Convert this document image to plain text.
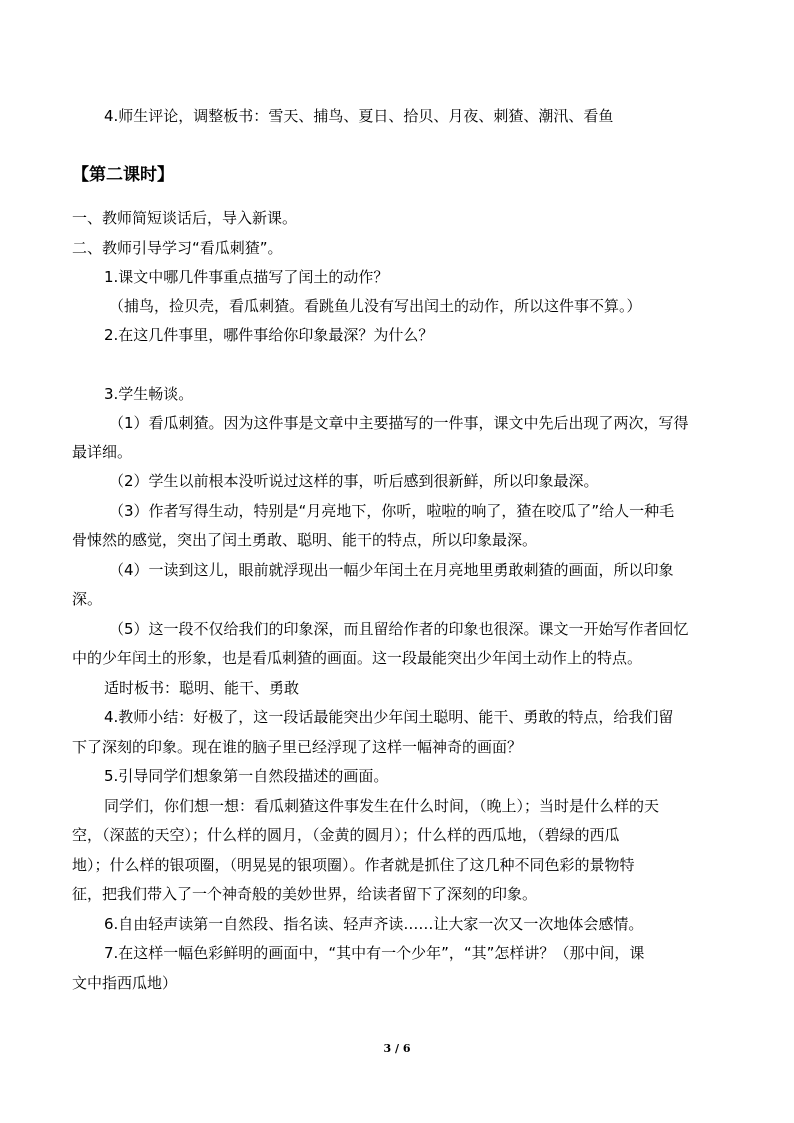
4.师生评论，调整板书：雪天、捕鸟、夏日、拾贝、月夜、刺猹、潮汛、看鱼
【第二课时】
一、教师简短谈话后，导入新课。
二、教师引导学习“看瓜刺猹”。
1.课文中哪几件事重点描写了闰土的动作？
（捕鸟，捡贝壳，看瓜刺猹。看跳鱼儿没有写出闰土的动作，所以这件事不算。）
2.在这几件事里，哪件事给你印象最深？为什么？
3.学生畅谈。
（1）看瓜刺猹。因为这件事是文章中主要描写的一件事，课文中先后出现了两次，写得
最详细。
（2）学生以前根本没听说过这样的事，听后感到很新鲜，所以印象最深。
（3）作者写得生动，特别是“月亮地下，你听，啦啦的响了，猹在咬瓜了”给人一种毛
骨悚然的感觉，突出了闰土勇敢、聪明、能干的特点，所以印象最深。
（4）一读到这儿，眼前就浮现出一幅少年闰土在月亮地里勇敢刺猹的画面，所以印象
深。
（5）这一段不仅给我们的印象深，而且留给作者的印象也很深。课文一开始写作者回忆
中的少年闰土的形象，也是看瓜刺猹的画面。这一段最能突出少年闰土动作上的特点。
适时板书：聪明、能干、勇敢
4.教师小结：好极了，这一段话最能突出少年闰土聪明、能干、勇敢的特点，给我们留
下了深刻的印象。现在谁的脑子里已经浮现了这样一幅神奇的画面？
5.引导同学们想象第一自然段描述的画面。
同学们，你们想一想：看瓜刺猹这件事发生在什么时间，（晚上）；当时是什么样的天
空，（深蓝的天空）；什么样的圆月，（金黄的圆月）；什么样的西瓜地，（碧绿的西瓜
地）；什么样的银项圈，（明晃晃的银项圈）。作者就是抓住了这几种不同色彩的景物特
征，把我们带入了一个神奇般的美妙世界，给读者留下了深刻的印象。
6.自由轻声读第一自然段、指名读、轻声齐读……让大家一次又一次地体会感情。
7.在这样一幅色彩鲜明的画面中，“其中有一个少年”，“其”怎样讲？（那中间，课
文中指西瓜地）
3 / 6
